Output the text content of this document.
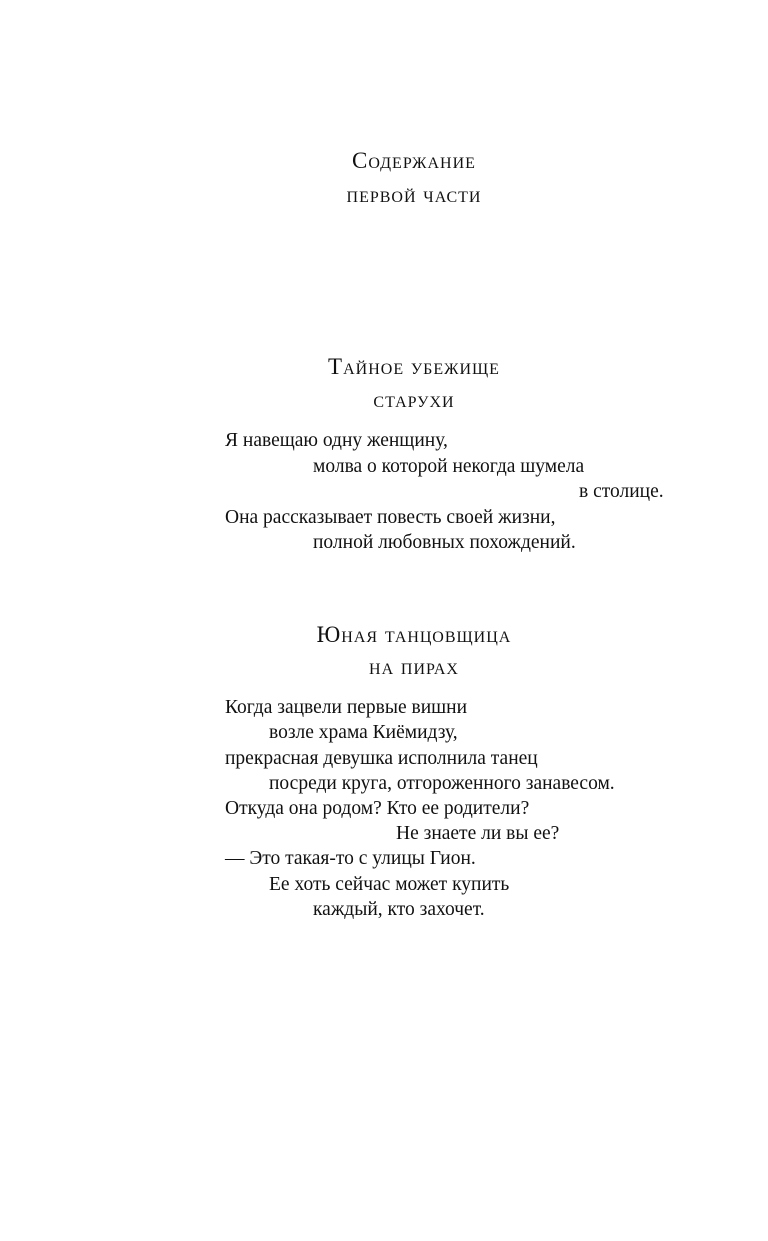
Содержание
первой части
Тайное убежище
старухи

Я навещаю одну женщину,

молва о которой некогда шумела

в столице.

Она рассказывает повесть своей жизни,

полной любовных похождений.

Юная танцовщица
на пирах

Когда зацвели первые вишни

возле храма Киёмидзу,

прекрасная девушка исполнила танец

посреди круга, отгороженного занавесом.

Откуда она родом? Кто ее родители?

Не знаете ли вы ее?

— Это такая-то с улицы Гион.

Ее хоть сейчас может купить

каждый, кто захочет.
